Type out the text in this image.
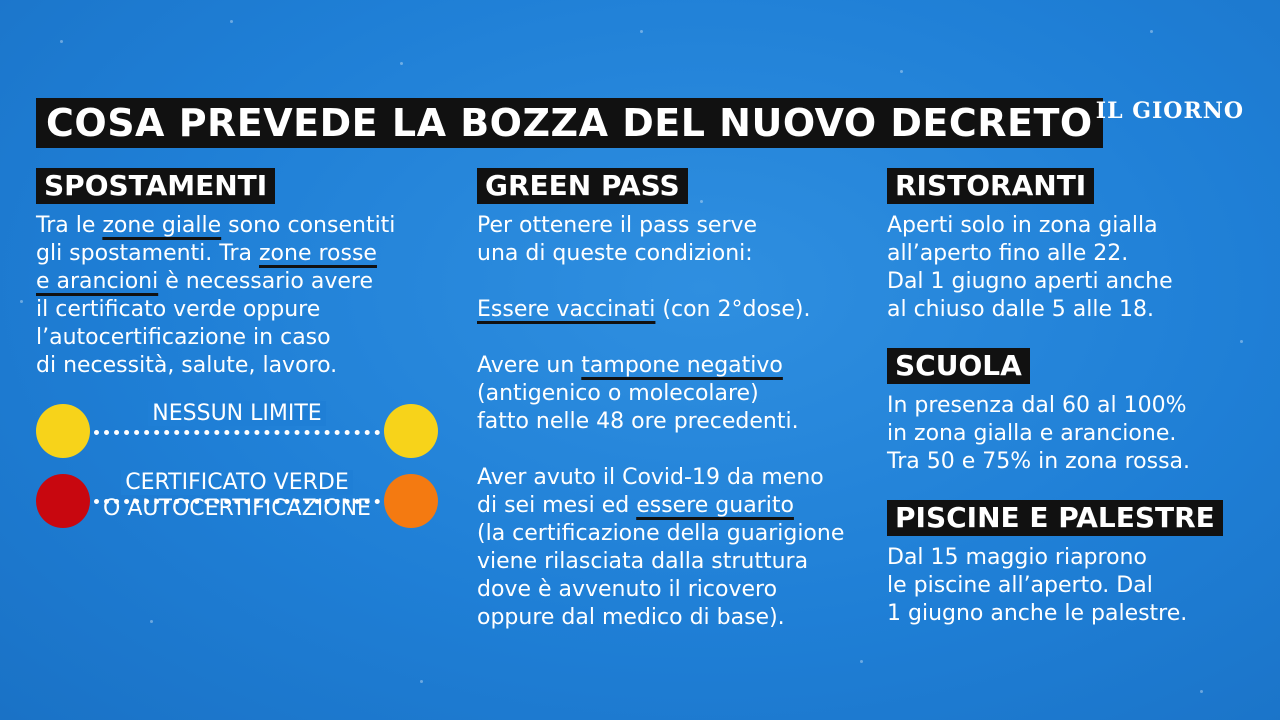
COSA PREVEDE LA BOZZA DEL NUOVO DECRETO IL GIORNO
SPOSTAMENTI

Tra le zone gialle sono consentiti

gli spostamenti. Tra zone rosse

e arancioni è necessario avere

il certificato verde oppure

l’autocertificazione in caso

di necessità, salute, lavoro.

NESSUN LIMITE
CERTIFICATO VERDE
O AUTOCERTIFICAZIONE
GREEN PASS

Per ottenere il pass serve

una di queste condizioni:

Essere vaccinati (con 2°dose).

Avere un tampone negativo

(antigenico o molecolare)

fatto nelle 48 ore precedenti.

Aver avuto il Covid-19 da meno

di sei mesi ed essere guarito

(la certificazione della guarigione

viene rilasciata dalla struttura

dove è avvenuto il ricovero

oppure dal medico di base).

RISTORANTI

Aperti solo in zona gialla

all’aperto fino alle 22.

Dal 1 giugno aperti anche

al chiuso dalle 5 alle 18.

SCUOLA

In presenza dal 60 al 100%

in zona gialla e arancione.

Tra 50 e 75% in zona rossa.

PISCINE E PALESTRE

Dal 15 maggio riaprono

le piscine all’aperto. Dal

1 giugno anche le palestre.
